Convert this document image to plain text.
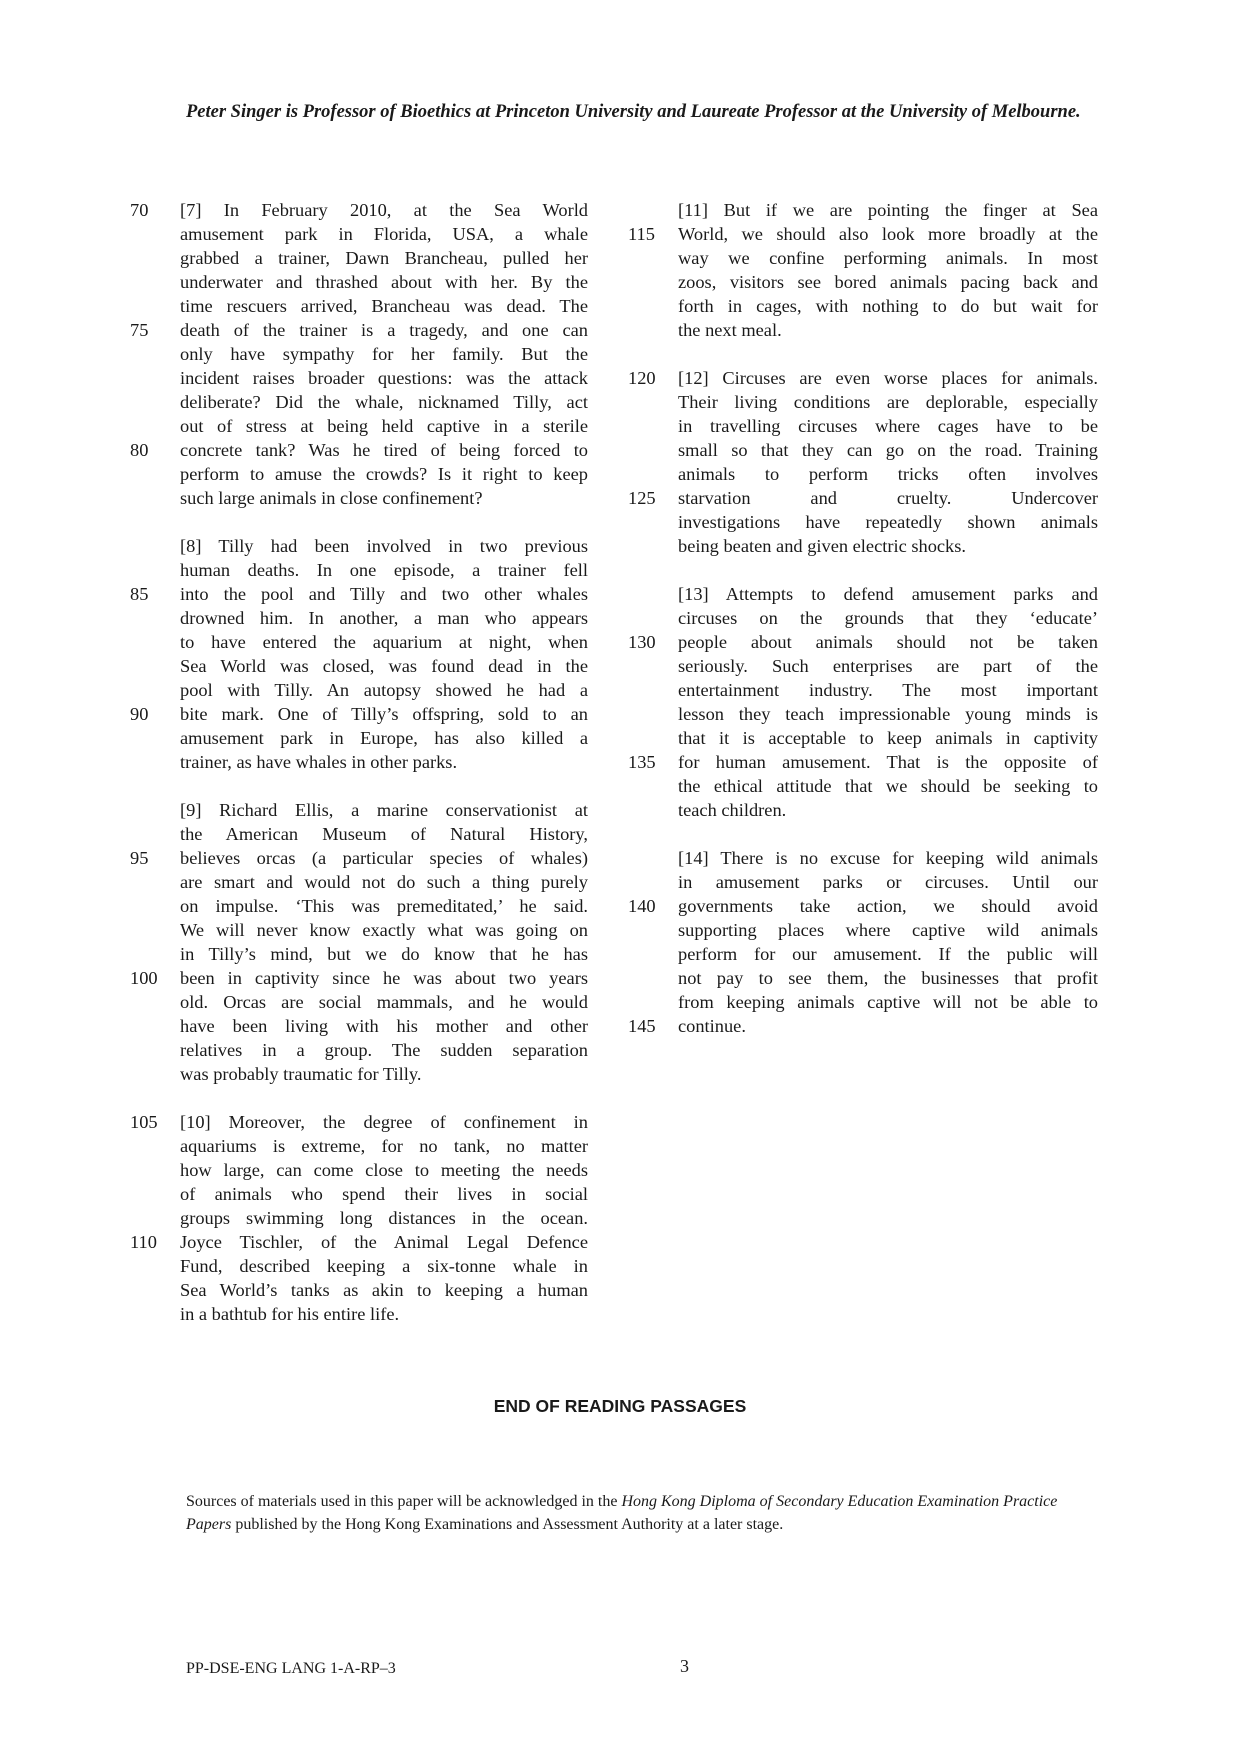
Peter Singer is Professor of Bioethics at Princeton University and Laureate Professor at the University of Melbourne.
70	[7] In February 2010, at the Sea World
amusement park in Florida, USA, a whale
grabbed a trainer, Dawn Brancheau, pulled her
underwater and thrashed about with her. By the
time rescuers arrived, Brancheau was dead. The
75	death of the trainer is a tragedy, and one can
only have sympathy for her family. But the
incident raises broader questions: was the attack
deliberate? Did the whale, nicknamed Tilly, act
out of stress at being held captive in a sterile
80	concrete tank? Was he tired of being forced to
perform to amuse the crowds? Is it right to keep
such large animals in close confinement?
[8] Tilly had been involved in two previous
human deaths. In one episode, a trainer fell
85	into the pool and Tilly and two other whales
drowned him. In another, a man who appears
to have entered the aquarium at night, when
Sea World was closed, was found dead in the
pool with Tilly. An autopsy showed he had a
90	bite mark. One of Tilly’s offspring, sold to an
amusement park in Europe, has also killed a
trainer, as have whales in other parks.
[9] Richard Ellis, a marine conservationist at
the American Museum of Natural History,
95	believes orcas (a particular species of whales)
are smart and would not do such a thing purely
on impulse. ‘This was premeditated,’ he said.
We will never know exactly what was going on
in Tilly’s mind, but we do know that he has
100	been in captivity since he was about two years
old. Orcas are social mammals, and he would
have been living with his mother and other
relatives in a group. The sudden separation
was probably traumatic for Tilly.
105	[10] Moreover, the degree of confinement in
aquariums is extreme, for no tank, no matter
how large, can come close to meeting the needs
of animals who spend their lives in social
groups swimming long distances in the ocean.
110	Joyce Tischler, of the Animal Legal Defence
Fund, described keeping a six-tonne whale in
Sea World’s tanks as akin to keeping a human
in a bathtub for his entire life.
[11] But if we are pointing the finger at Sea
115	World, we should also look more broadly at the
way we confine performing animals. In most
zoos, visitors see bored animals pacing back and
forth in cages, with nothing to do but wait for
the next meal.
120	[12] Circuses are even worse places for animals.
Their living conditions are deplorable, especially
in travelling circuses where cages have to be
small so that they can go on the road. Training
animals to perform tricks often involves
125	starvation and cruelty. Undercover
investigations have repeatedly shown animals
being beaten and given electric shocks.
[13] Attempts to defend amusement parks and
circuses on the grounds that they ‘educate’
130	people about animals should not be taken
seriously. Such enterprises are part of the
entertainment industry. The most important
lesson they teach impressionable young minds is
that it is acceptable to keep animals in captivity
135	for human amusement. That is the opposite of
the ethical attitude that we should be seeking to
teach children.
[14] There is no excuse for keeping wild animals
in amusement parks or circuses. Until our
140	governments take action, we should avoid
supporting places where captive wild animals
perform for our amusement. If the public will
not pay to see them, the businesses that profit
from keeping animals captive will not be able to
145	continue.
END OF READING PASSAGES
Sources of materials used in this paper will be acknowledged in the Hong Kong Diploma of Secondary Education Examination Practice Papers published by the Hong Kong Examinations and Assessment Authority at a later stage.
PP-DSE-ENG LANG 1-A-RP–3	3
